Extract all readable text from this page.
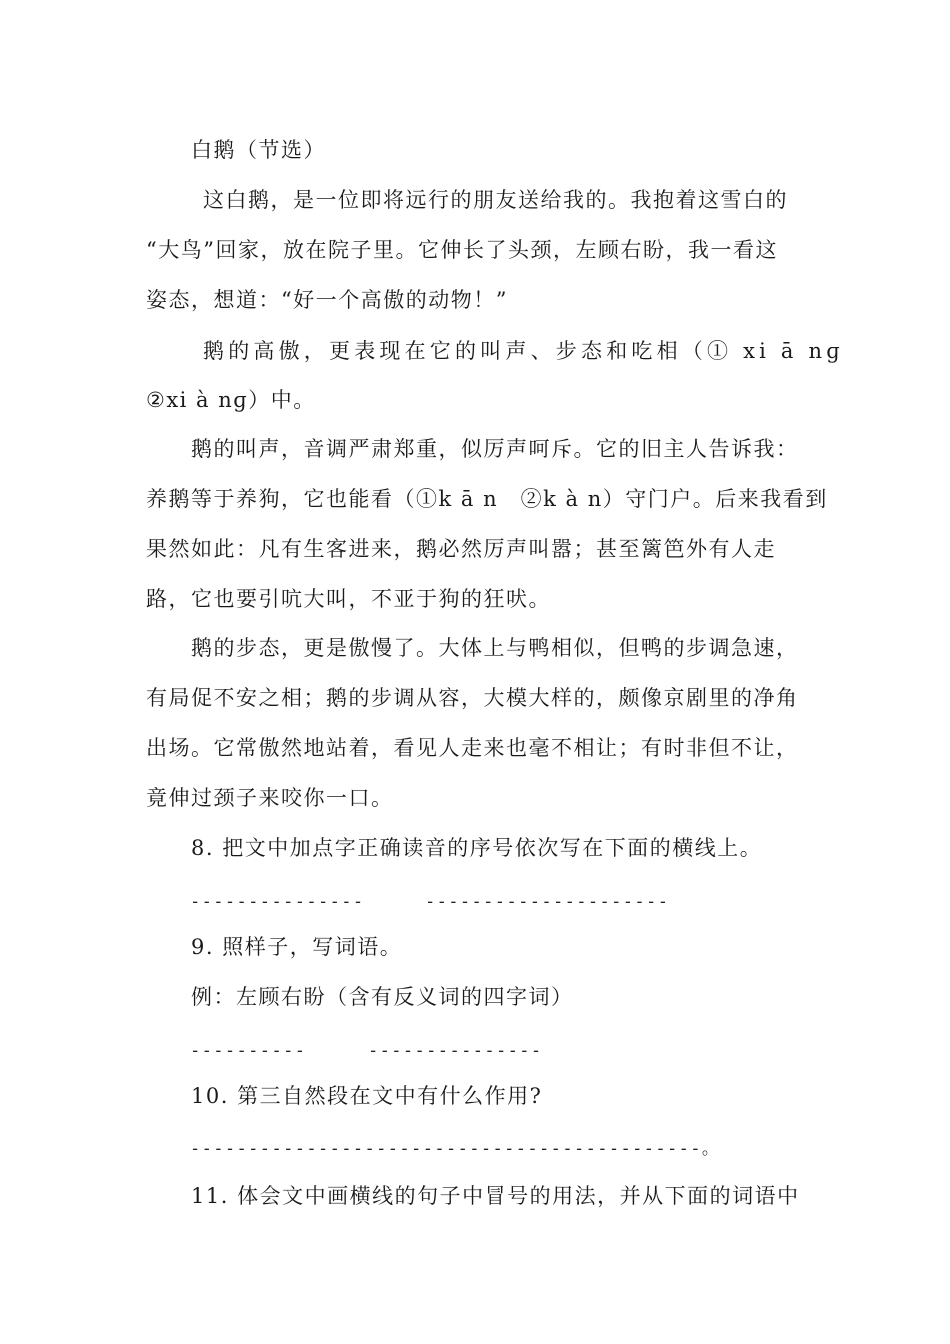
白鹅（节选）
这白鹅，是一位即将远行的朋友送给我的。我抱着这雪白的
“大鸟”回家，放在院子里。它伸长了头颈，左顾右盼，我一看这
姿态，想道：“好一个高傲的动物！”
鹅的高傲，更表现在它的叫声、步态和吃相（① xi ā nɡ
②xi à nɡ）中。
鹅的叫声，音调严肃郑重，似厉声呵斥。它的旧主人告诉我：
养鹅等于养狗，它也能看（①k ā n　②k à n）守门户。后来我看到
果然如此：凡有生客进来，鹅必然厉声叫嚣；甚至篱笆外有人走
路，它也要引吭大叫，不亚于狗的狂吠。
鹅的步态，更是傲慢了。大体上与鸭相似，但鸭的步调急速，
有局促不安之相；鹅的步调从容，大模大样的，颇像京剧里的净角
出场。它常傲然地站着，看见人走来也毫不相让；有时非但不让，
竟伸过颈子来咬你一口。
8. 把文中加点字正确读音的序号依次写在下面的横线上。
---------------	---------------------
9. 照样子，写词语。
例：左顾右盼（含有反义词的四字词）
----------	---------------
10. 第三自然段在文中有什么作用?
--------------------------------------------。
11. 体会文中画横线的句子中冒号的用法，并从下面的词语中
